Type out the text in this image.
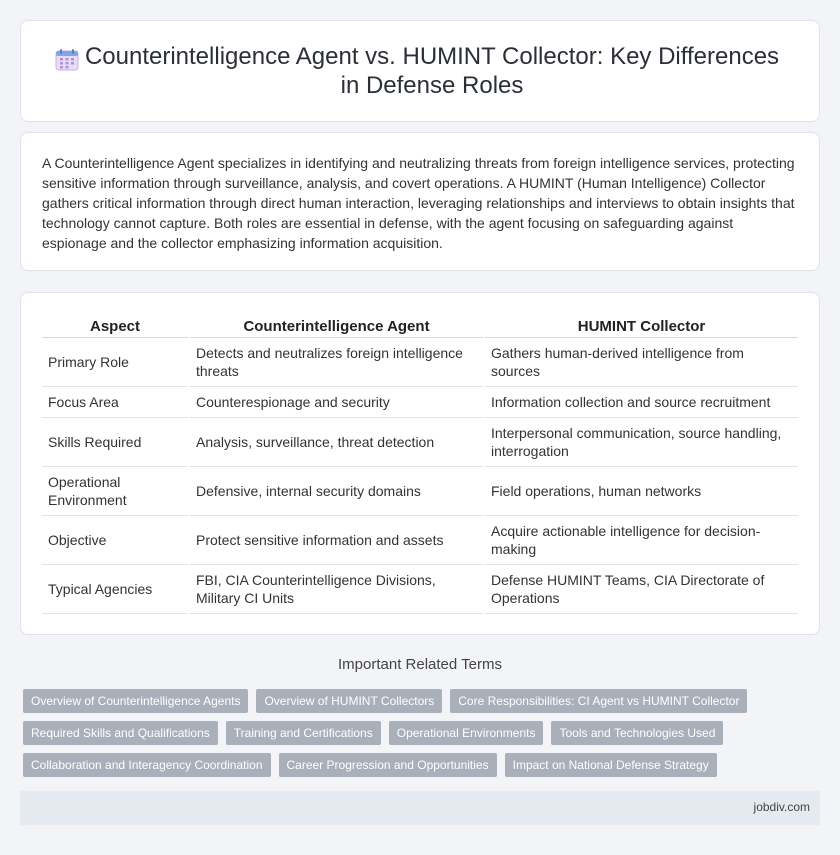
Counterintelligence Agent vs. HUMINT Collector: Key Differences in Defense Roles

A Counterintelligence Agent specializes in identifying and neutralizing threats from foreign intelligence services, protecting sensitive information through surveillance, analysis, and covert operations. A HUMINT (Human Intelligence) Collector gathers critical information through direct human interaction, leveraging relationships and interviews to obtain insights that technology cannot capture. Both roles are essential in defense, with the agent focusing on safeguarding against espionage and the collector emphasizing information acquisition.

Aspect	Counterintelligence Agent	HUMINT Collector
Primary Role	Detects and neutralizes foreign intelligence threats	Gathers human-derived intelligence from sources
Focus Area	Counterespionage and security	Information collection and source recruitment
Skills Required	Analysis, surveillance, threat detection	Interpersonal communication, source handling, interrogation
Operational Environment	Defensive, internal security domains	Field operations, human networks
Objective	Protect sensitive information and assets	Acquire actionable intelligence for decision-making
Typical Agencies	FBI, CIA Counterintelligence Divisions, Military CI Units	Defense HUMINT Teams, CIA Directorate of Operations
Important Related Terms
Overview of Counterintelligence Agents	Overview of HUMINT Collectors	Core Responsibilities: CI Agent vs HUMINT Collector
Required Skills and Qualifications	Training and Certifications	Operational Environments	Tools and Technologies Used
Collaboration and Interagency Coordination	Career Progression and Opportunities	Impact on National Defense Strategy
jobdiv.com
